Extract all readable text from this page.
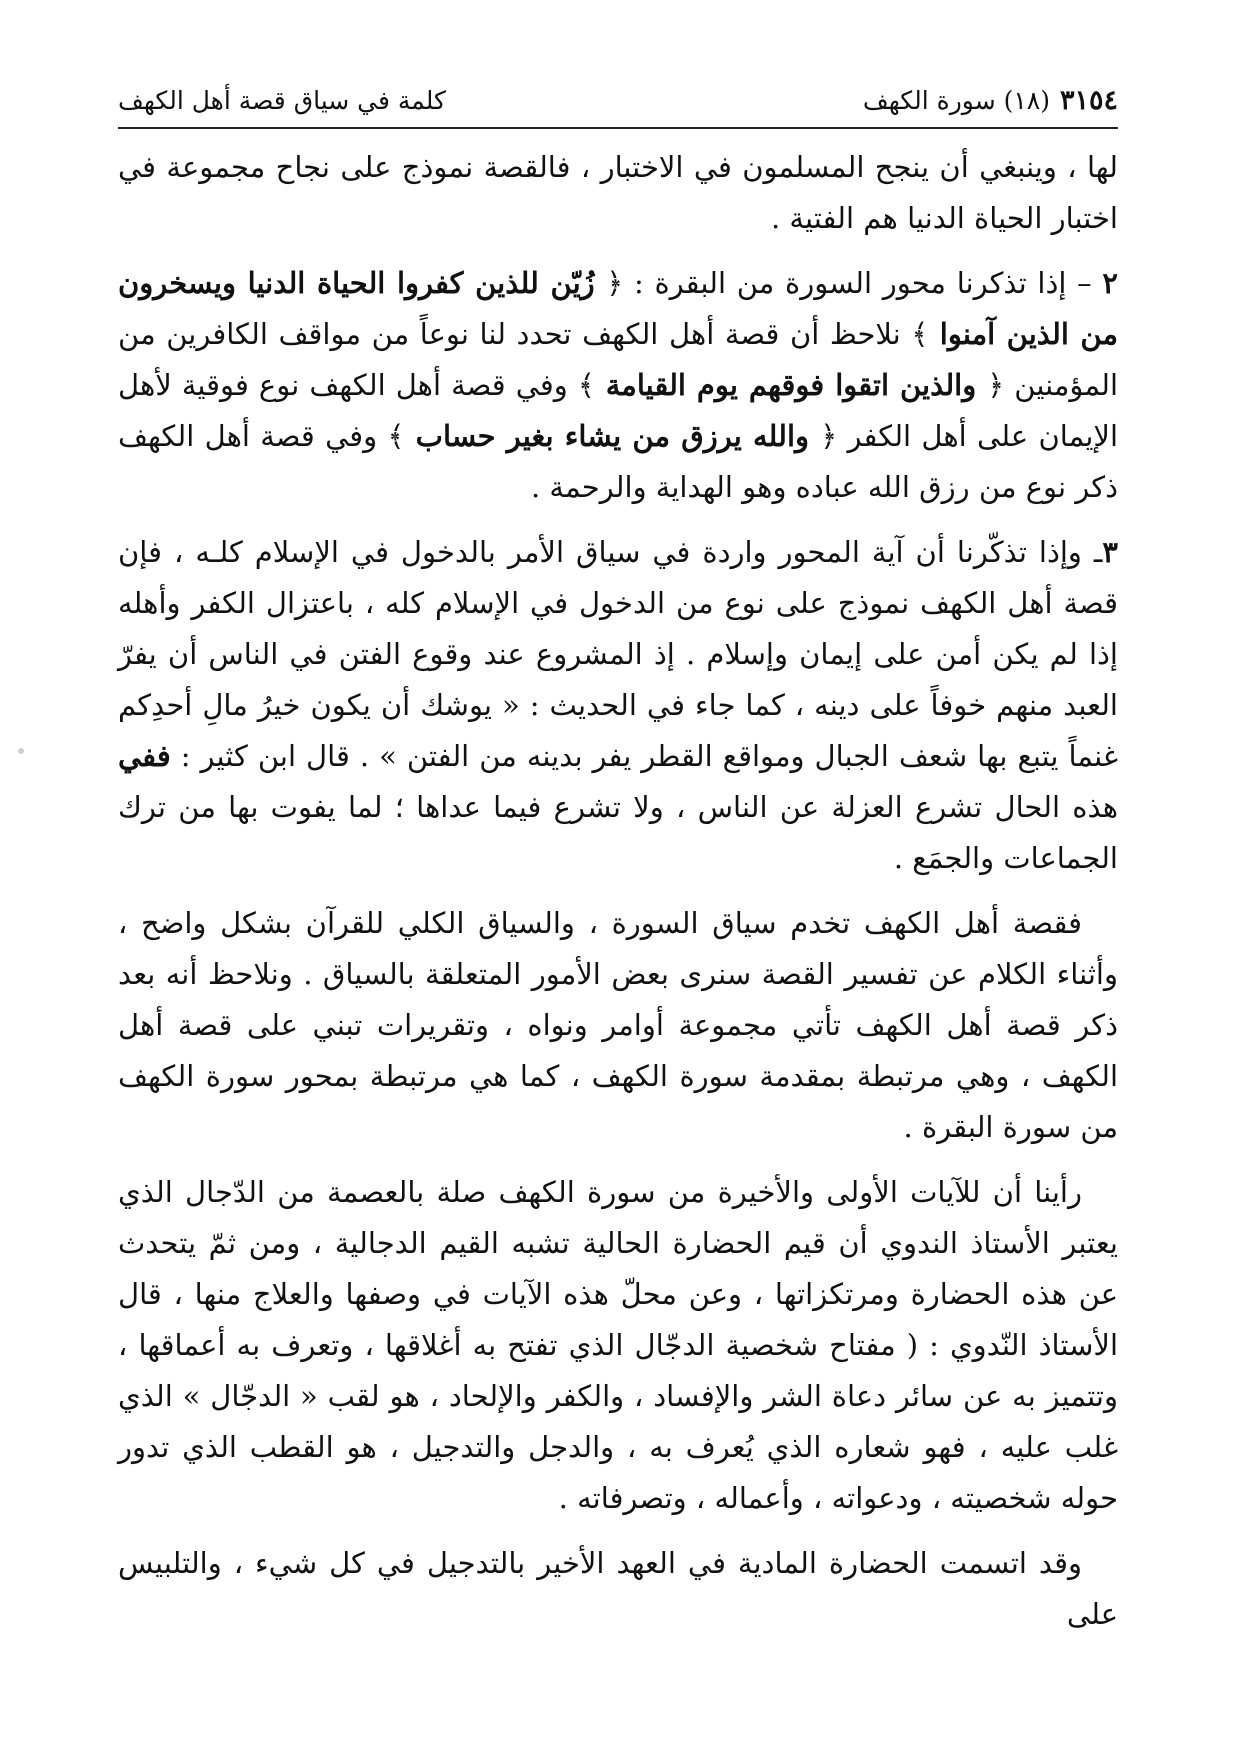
٣١٥٤
(١٨) سورة الكهف
كلمة في سياق قصة أهل الكهف

لها ، وينبغي أن ينجح المسلمون في الاختبار ، فالقصة نموذج على نجاح مجموعة في اختبار الحياة الدنيا هم الفتية .

٢ – إذا تذكرنا محور السورة من البقرة : ﴿ زُيّن للذين كفروا الحياة الدنيا ويسخرون من الذين آمنوا ﴾ نلاحظ أن قصة أهل الكهف تحدد لنا نوعاً من مواقف الكافرين من المؤمنين ﴿ والذين اتقوا فوقهم يوم القيامة ﴾ وفي قصة أهل الكهف نوع فوقية لأهل الإيمان على أهل الكفر ﴿ والله يرزق من يشاء بغير حساب ﴾ وفي قصة أهل الكهف ذكر نوع من رزق الله عباده وهو الهداية والرحمة .

٣ـ وإذا تذكّرنا أن آية المحور واردة في سياق الأمر بالدخول في الإسلام كلـه ، فإن قصة أهل الكهف نموذج على نوع من الدخول في الإسلام كله ، باعتزال الكفر وأهله إذا لم يكن أمن على إيمان وإسلام . إذ المشروع عند وقوع الفتن في الناس أن يفرّ العبد منهم خوفاً على دينه ، كما جاء في الحديث : « يوشك أن يكون خيرُ مالِ أحدِكم غنماً يتبع بها شعف الجبال ومواقع القطر يفر بدينه من الفتن » . قال ابن كثير : ففي هذه الحال تشرع العزلة عن الناس ، ولا تشرع فيما عداها ؛ لما يفوت بها من ترك الجماعات والجمَع .

فقصة أهل الكهف تخدم سياق السورة ، والسياق الكلي للقرآن بشكل واضح ، وأثناء الكلام عن تفسير القصة سنرى بعض الأمور المتعلقة بالسياق . ونلاحظ أنه بعد ذكر قصة أهل الكهف تأتي مجموعة أوامر ونواه ، وتقريرات تبني على قصة أهل الكهف ، وهي مرتبطة بمقدمة سورة الكهف ، كما هي مرتبطة بمحور سورة الكهف من سورة البقرة .

رأينا أن للآيات الأولى والأخيرة من سورة الكهف صلة بالعصمة من الدّجال الذي يعتبر الأستاذ الندوي أن قيم الحضارة الحالية تشبه القيم الدجالية ، ومن ثمّ يتحدث عن هذه الحضارة ومرتكزاتها ، وعن محلّ هذه الآيات في وصفها والعلاج منها ، قال الأستاذ النّدوي : ( مفتاح شخصية الدجّال الذي تفتح به أغلاقها ، وتعرف به أعماقها ، وتتميز به عن سائر دعاة الشر والإفساد ، والكفر والإلحاد ، هو لقب « الدجّال » الذي غلب عليه ، فهو شعاره الذي يُعرف به ، والدجل والتدجيل ، هو القطب الذي تدور حوله شخصيته ، ودعواته ، وأعماله ، وتصرفاته .

وقد اتسمت الحضارة المادية في العهد الأخير بالتدجيل في كل شيء ، والتلبيس على
